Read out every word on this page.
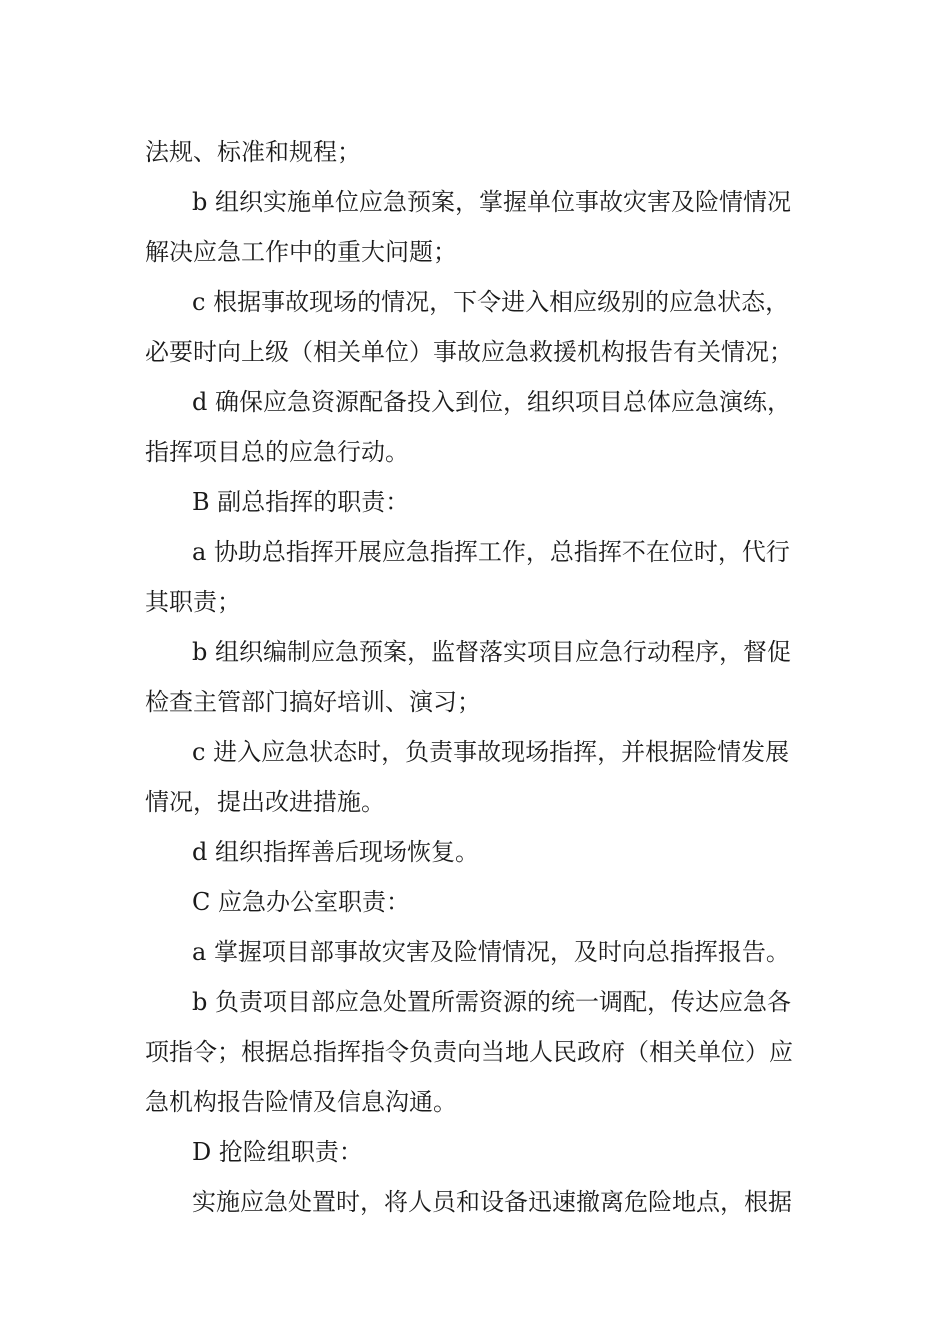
法规、标准和规程；
b 组织实施单位应急预案，掌握单位事故灾害及险情情况
解决应急工作中的重大问题；
c 根据事故现场的情况，下令进入相应级别的应急状态，
必要时向上级（相关单位）事故应急救援机构报告有关情况；
d 确保应急资源配备投入到位，组织项目总体应急演练，
指挥项目总的应急行动。
B 副总指挥的职责：
a 协助总指挥开展应急指挥工作，总指挥不在位时，代行
其职责；
b 组织编制应急预案，监督落实项目应急行动程序，督促
检查主管部门搞好培训、演习；
c 进入应急状态时，负责事故现场指挥，并根据险情发展
情况，提出改进措施。
d 组织指挥善后现场恢复。
C 应急办公室职责：
a 掌握项目部事故灾害及险情情况，及时向总指挥报告。
b 负责项目部应急处置所需资源的统一调配，传达应急各
项指令；根据总指挥指令负责向当地人民政府（相关单位）应
急机构报告险情及信息沟通。
D 抢险组职责：
实施应急处置时，将人员和设备迅速撤离危险地点，根据
